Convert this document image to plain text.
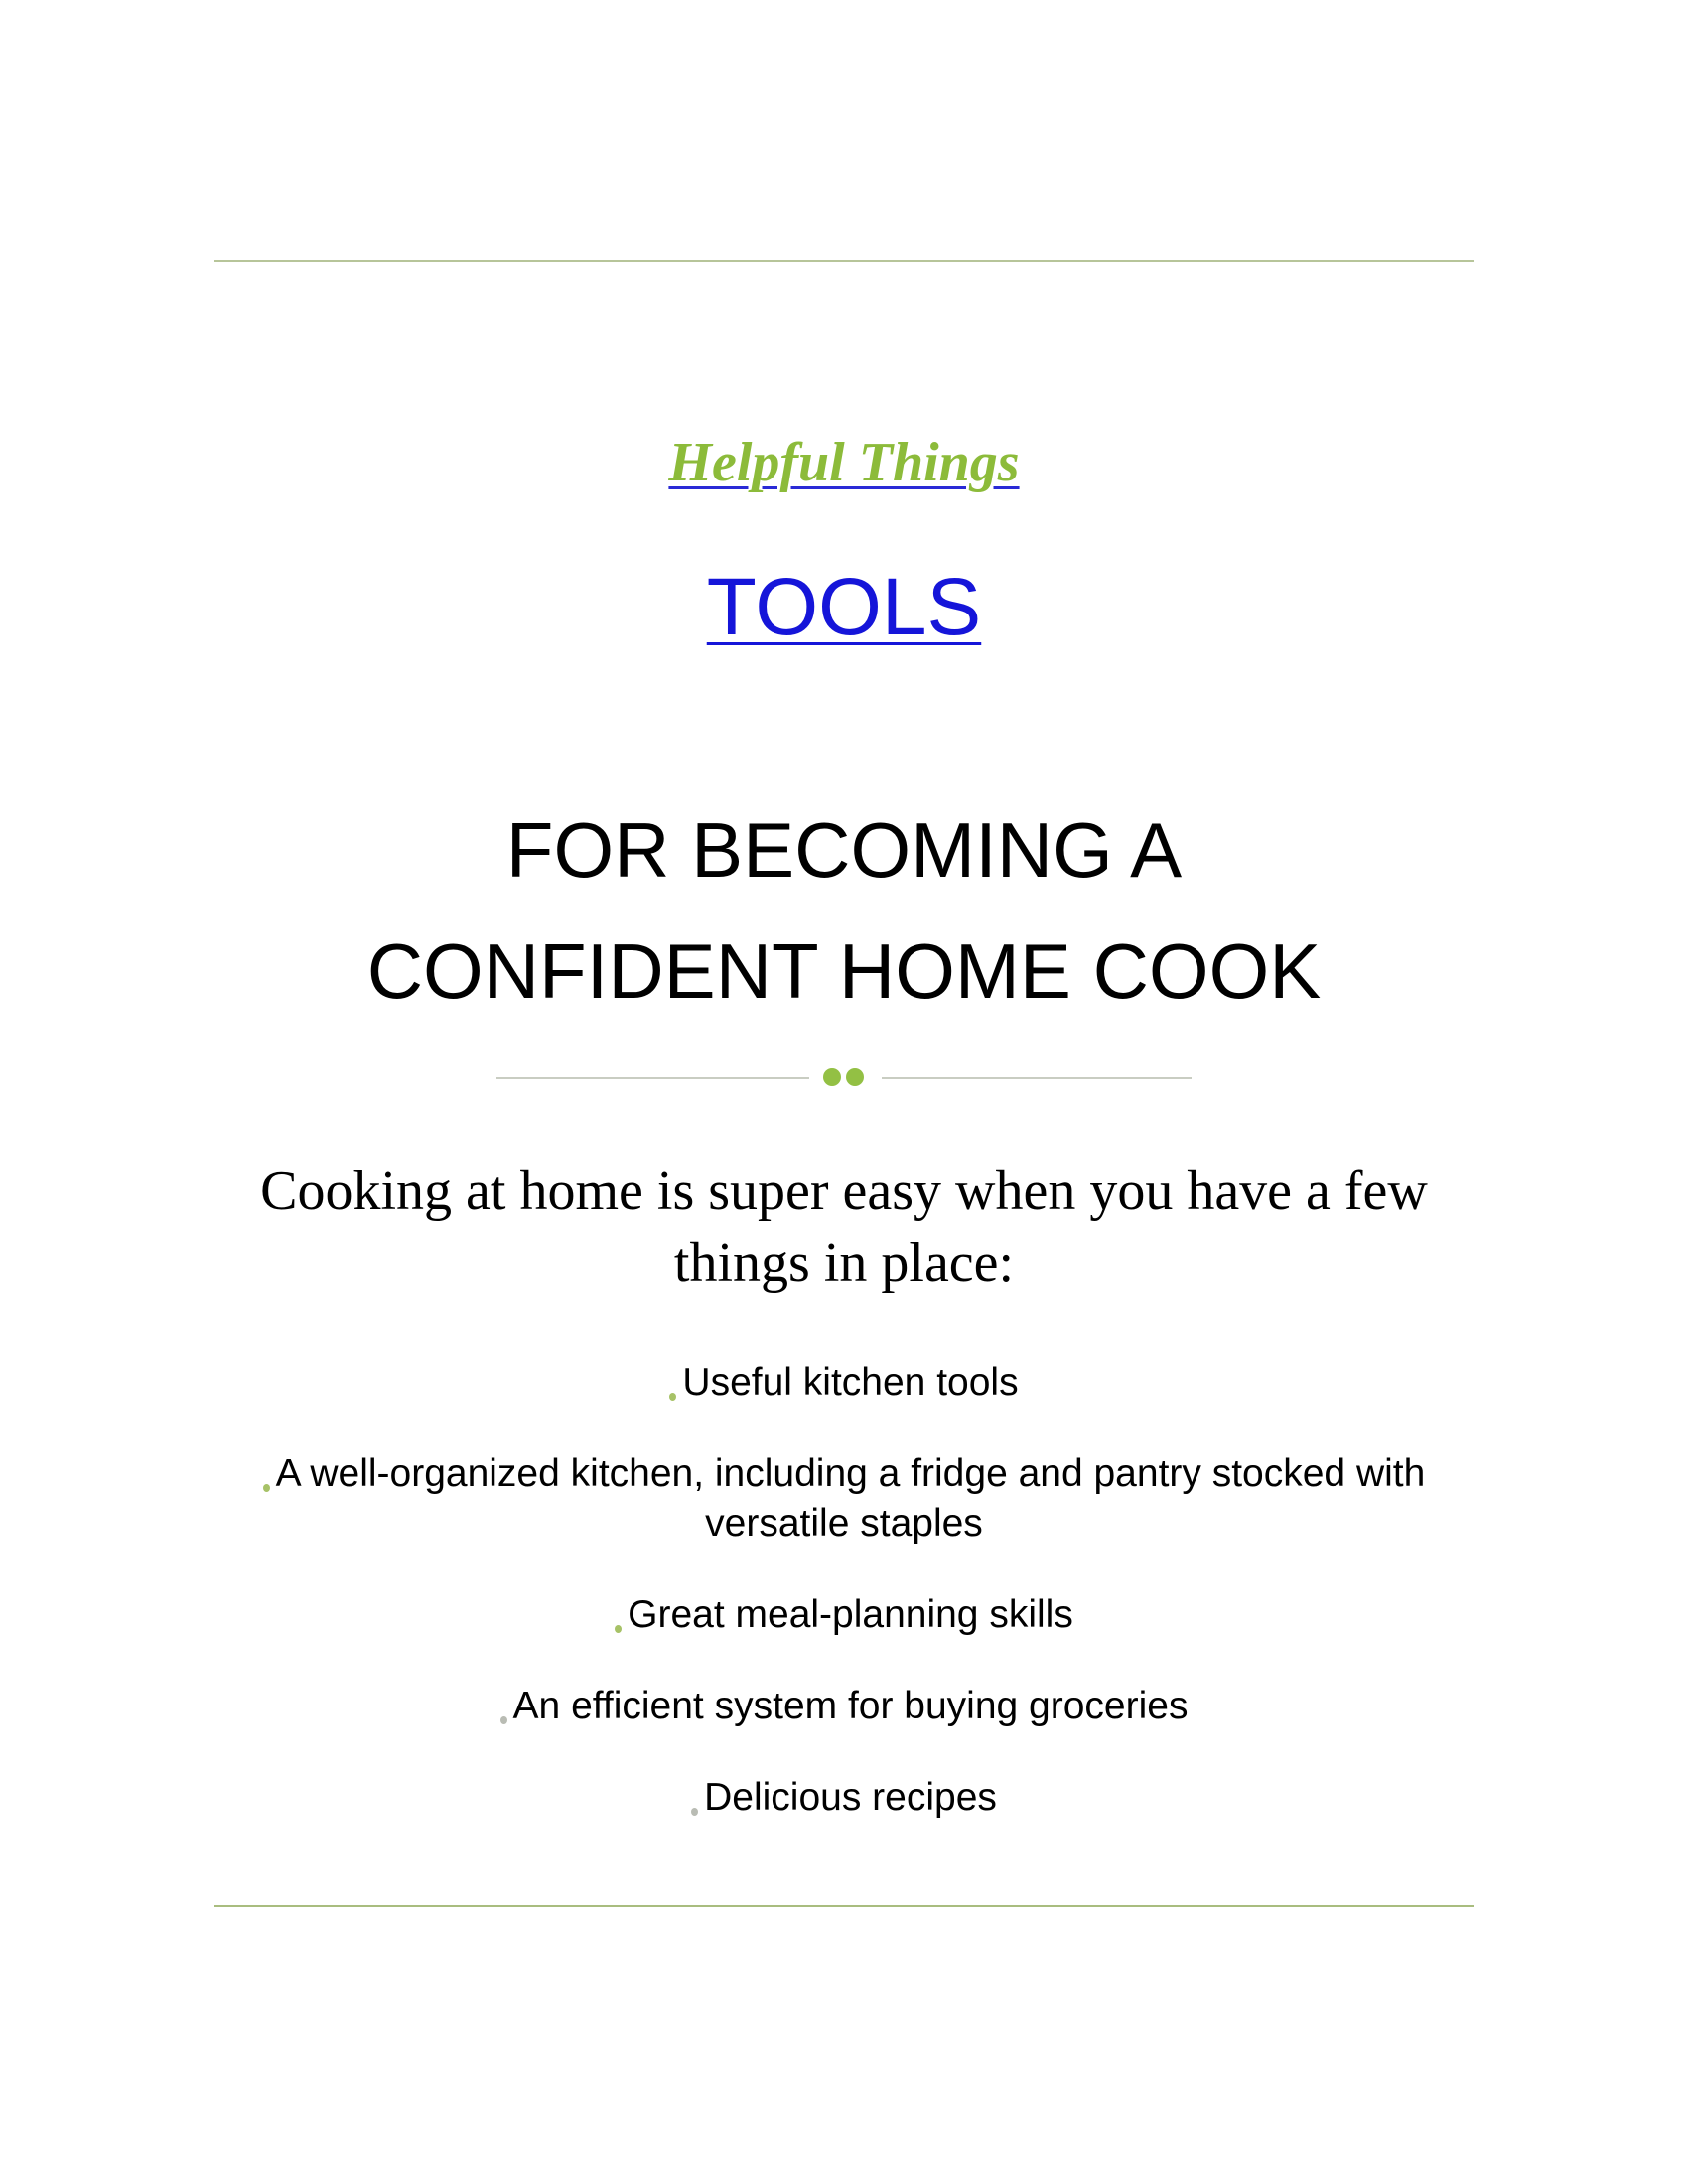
Helpful Things
TOOLS
FOR BECOMING A
CONFIDENT HOME COOK
Cooking at home is super easy when you have a few things in place:
Useful kitchen tools
A well-organized kitchen, including a fridge and pantry stocked with versatile staples
Great meal-planning skills
An efficient system for buying groceries
Delicious recipes
